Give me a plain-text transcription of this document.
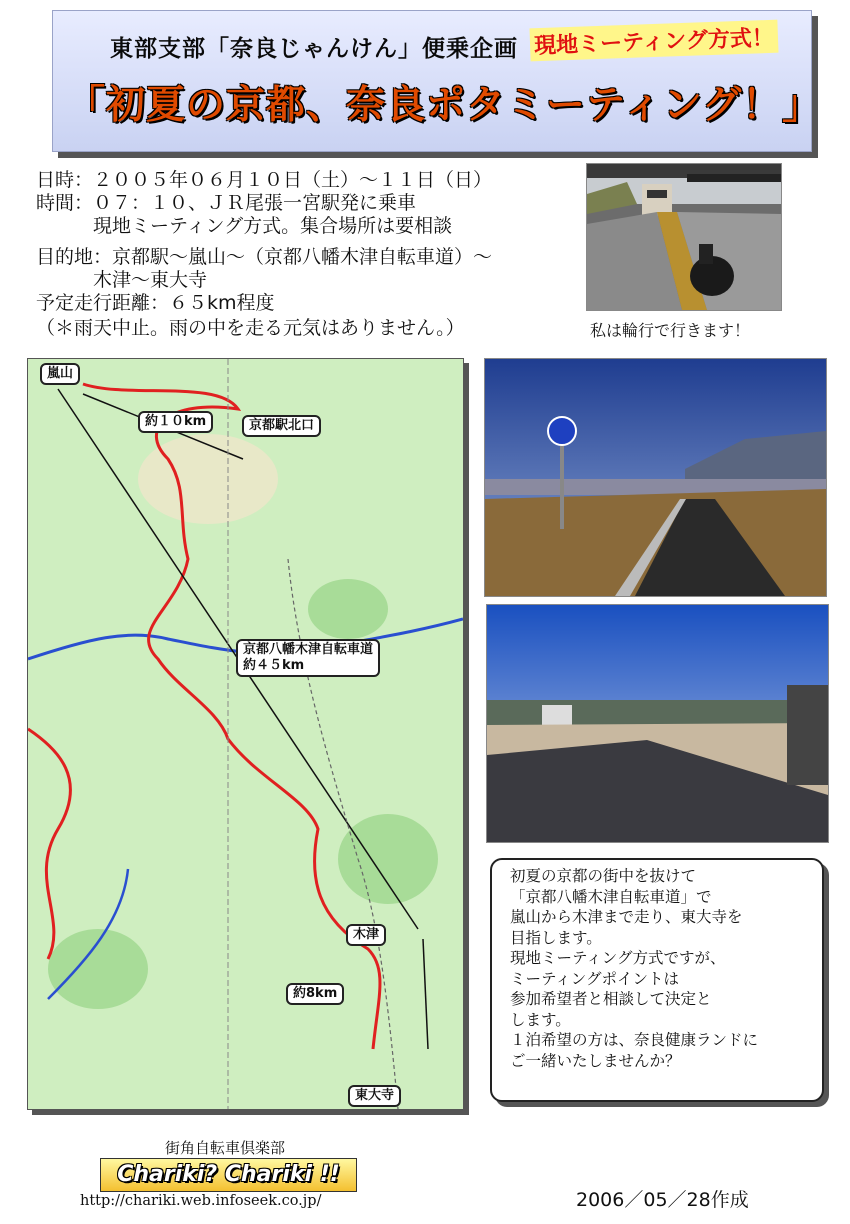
東部支部「奈良じゃんけん」便乗企画
「初夏の京都、奈良ポタミーティング！」
現地ミーティング方式！
日時：２００５年０６月１０日（土）～１１日（日）
時間：０７：１０、ＪＲ尾張一宮駅発に乗車
　　　現地ミーティング方式。集合場所は要相談
目的地：京都駅～嵐山～（京都八幡木津自転車道）～
　　　木津～東大寺
予定走行距離：６５km程度
（＊雨天中止。雨の中を走る元気はありません。）	私は輪行で行きます！
嵐山
約１０km	京都駅北口
京都八幡木津自転車道
約４５km
木津
約8km
東大寺
初夏の京都の街中を抜けて
「京都八幡木津自転車道」で
嵐山から木津まで走り、東大寺を
目指します。
現地ミーティング方式ですが、
ミーティングポイントは
参加希望者と相談して決定と
します。
１泊希望の方は、奈良健康ランドに
ご一緒いたしませんか？
街角自転車倶楽部
Chariki? Chariki !!
http://chariki.web.infoseek.co.jp/	2006／05／28作成
